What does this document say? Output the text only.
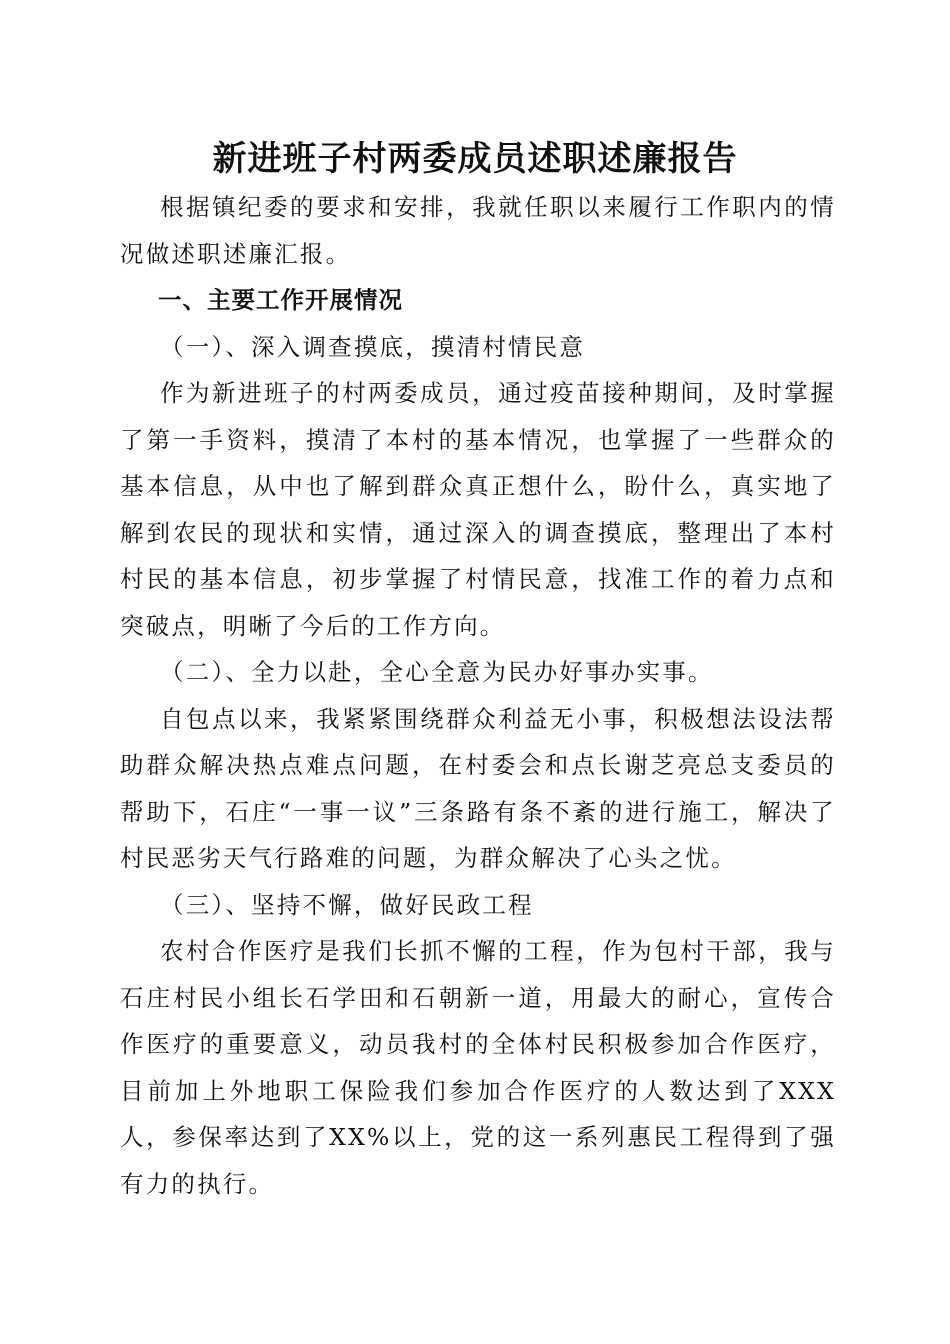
新进班子村两委成员述职述廉报告

根据镇纪委的要求和安排，我就任职以来履行工作职内的情况做述职述廉汇报。

一、主要工作开展情况

（一）、深入调查摸底，摸清村情民意

作为新进班子的村两委成员，通过疫苗接种期间，及时掌握了第一手资料，摸清了本村的基本情况，也掌握了一些群众的基本信息，从中也了解到群众真正想什么，盼什么，真实地了解到农民的现状和实情，通过深入的调查摸底，整理出了本村村民的基本信息，初步掌握了村情民意，找准工作的着力点和突破点，明晰了今后的工作方向。

（二）、全力以赴，全心全意为民办好事办实事。

自包点以来，我紧紧围绕群众利益无小事，积极想法设法帮助群众解决热点难点问题，在村委会和点长谢芝亮总支委员的帮助下，石庄“一事一议”三条路有条不紊的进行施工，解决了村民恶劣天气行路难的问题，为群众解决了心头之忧。

（三）、坚持不懈，做好民政工程

农村合作医疗是我们长抓不懈的工程，作为包村干部，我与石庄村民小组长石学田和石朝新一道，用最大的耐心，宣传合作医疗的重要意义，动员我村的全体村民积极参加合作医疗，目前加上外地职工保险我们参加合作医疗的人数达到了XXX人，参保率达到了XX%以上，党的这一系列惠民工程得到了强有力的执行。
